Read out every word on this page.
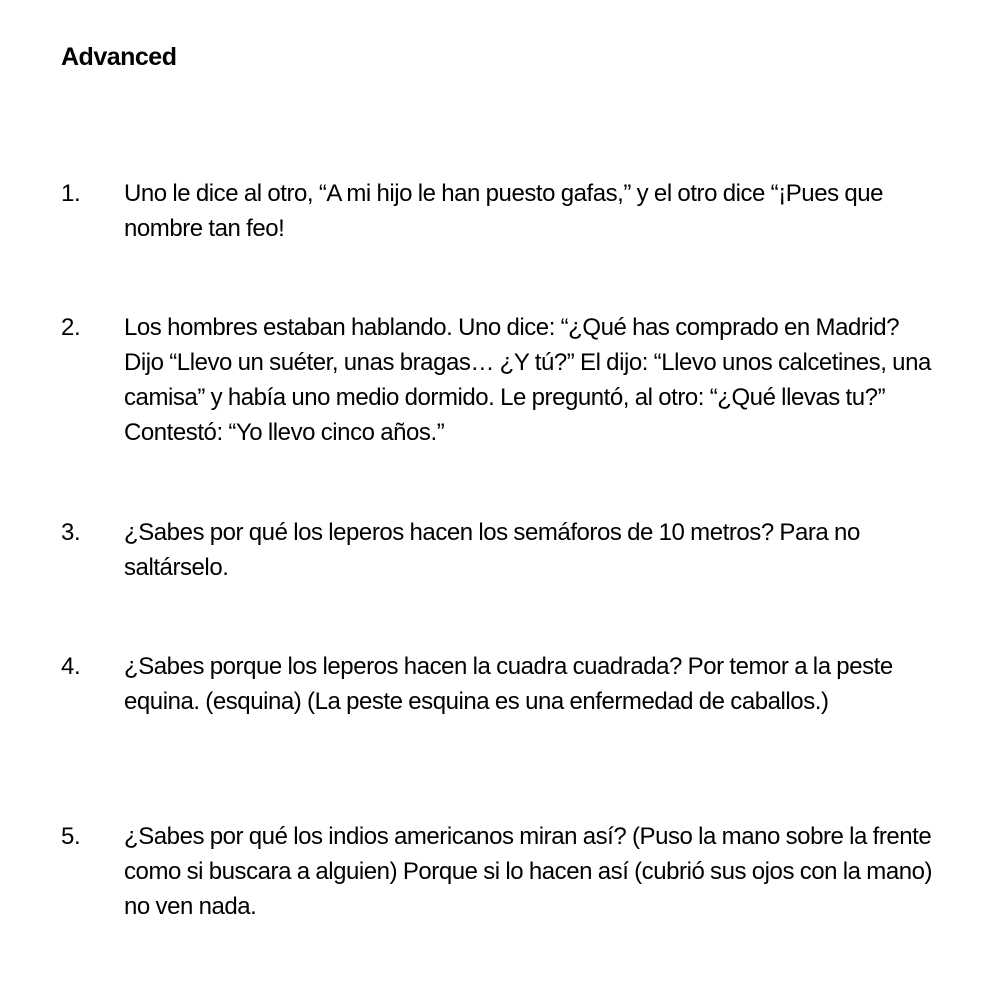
Advanced
1. Uno le dice al otro, “A mi hijo le han puesto gafas,” y el otro dice “¡Pues que nombre tan feo!
2. Los hombres estaban hablando. Uno dice: “¿Qué has comprado en Madrid? Dijo “Llevo un suéter, unas bragas… ¿Y tú?” El dijo: “Llevo unos calcetines, una camisa” y había uno medio dormido. Le preguntó, al otro: “¿Qué llevas tu?” Contestó: “Yo llevo cinco años.”
3. ¿Sabes por qué los leperos hacen los semáforos de 10 metros? Para no saltárselo.
4. ¿Sabes porque los leperos hacen la cuadra cuadrada? Por temor a la peste equina. (esquina) (La peste esquina es una enfermedad de caballos.)
5. ¿Sabes por qué los indios americanos miran así? (Puso la mano sobre la frente como si buscara a alguien) Porque si lo hacen así (cubrió sus ojos con la mano) no ven nada.
